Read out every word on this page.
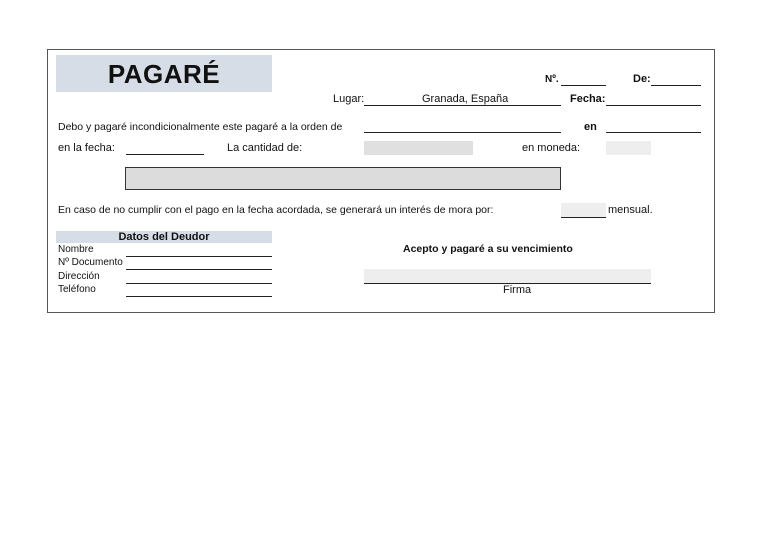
PAGARÉ	Nº.	De:
Lugar:	Granada, España	Fecha:
Debo y pagaré incondicionalmente este pagaré a la orden de	en
en la fecha:	La cantidad de:	en moneda:
En caso de no cumplir con el pago en la fecha acordada, se generará un interés de mora por:	mensual.
Datos del Deudor
Nombre
Nº Documento
Dirección
Teléfono
Acepto y pagaré a su vencimiento
Firma
